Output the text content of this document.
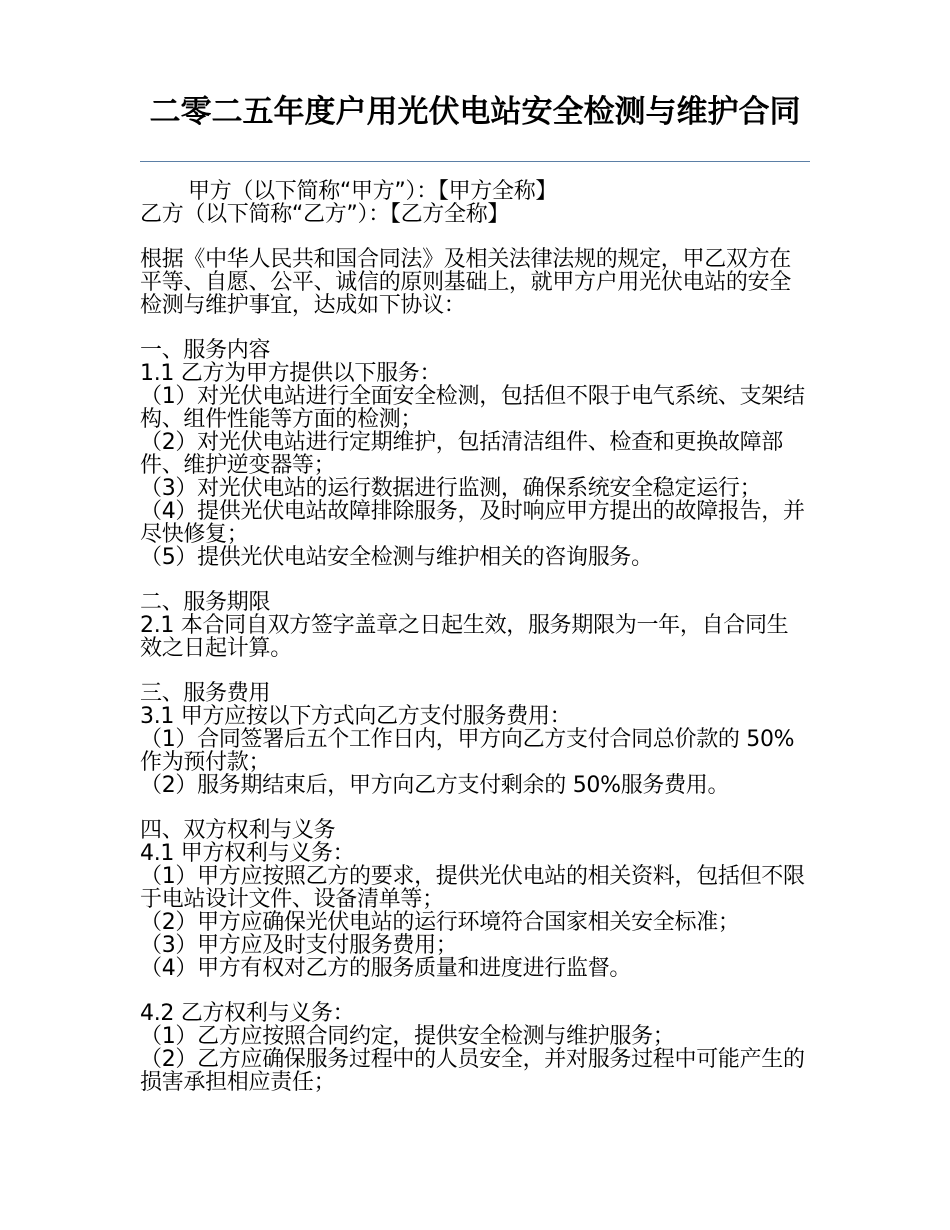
二零二五年度户用光伏电站安全检测与维护合同

甲方（以下简称“甲方”）：【甲方全称】

乙方（以下简称“乙方”）：【乙方全称】

根据《中华人民共和国合同法》及相关法律法规的规定，甲乙双方在平等、自愿、公平、诚信的原则基础上，就甲方户用光伏电站的安全检测与维护事宜，达成如下协议：

一、服务内容

1.1 乙方为甲方提供以下服务：

（1）对光伏电站进行全面安全检测，包括但不限于电气系统、支架结构、组件性能等方面的检测；

（2）对光伏电站进行定期维护，包括清洁组件、检查和更换故障部件、维护逆变器等；

（3）对光伏电站的运行数据进行监测，确保系统安全稳定运行；

（4）提供光伏电站故障排除服务，及时响应甲方提出的故障报告，并尽快修复；

（5）提供光伏电站安全检测与维护相关的咨询服务。

二、服务期限

2.1 本合同自双方签字盖章之日起生效，服务期限为一年，自合同生效之日起计算。

三、服务费用

3.1 甲方应按以下方式向乙方支付服务费用：

（1）合同签署后五个工作日内，甲方向乙方支付合同总价款的 50%作为预付款；

（2）服务期结束后，甲方向乙方支付剩余的 50%服务费用。

四、双方权利与义务

4.1 甲方权利与义务：

（1）甲方应按照乙方的要求，提供光伏电站的相关资料，包括但不限于电站设计文件、设备清单等；

（2）甲方应确保光伏电站的运行环境符合国家相关安全标准；

（3）甲方应及时支付服务费用；

（4）甲方有权对乙方的服务质量和进度进行监督。

4.2 乙方权利与义务：

（1）乙方应按照合同约定，提供安全检测与维护服务；

（2）乙方应确保服务过程中的人员安全，并对服务过程中可能产生的损害承担相应责任；
